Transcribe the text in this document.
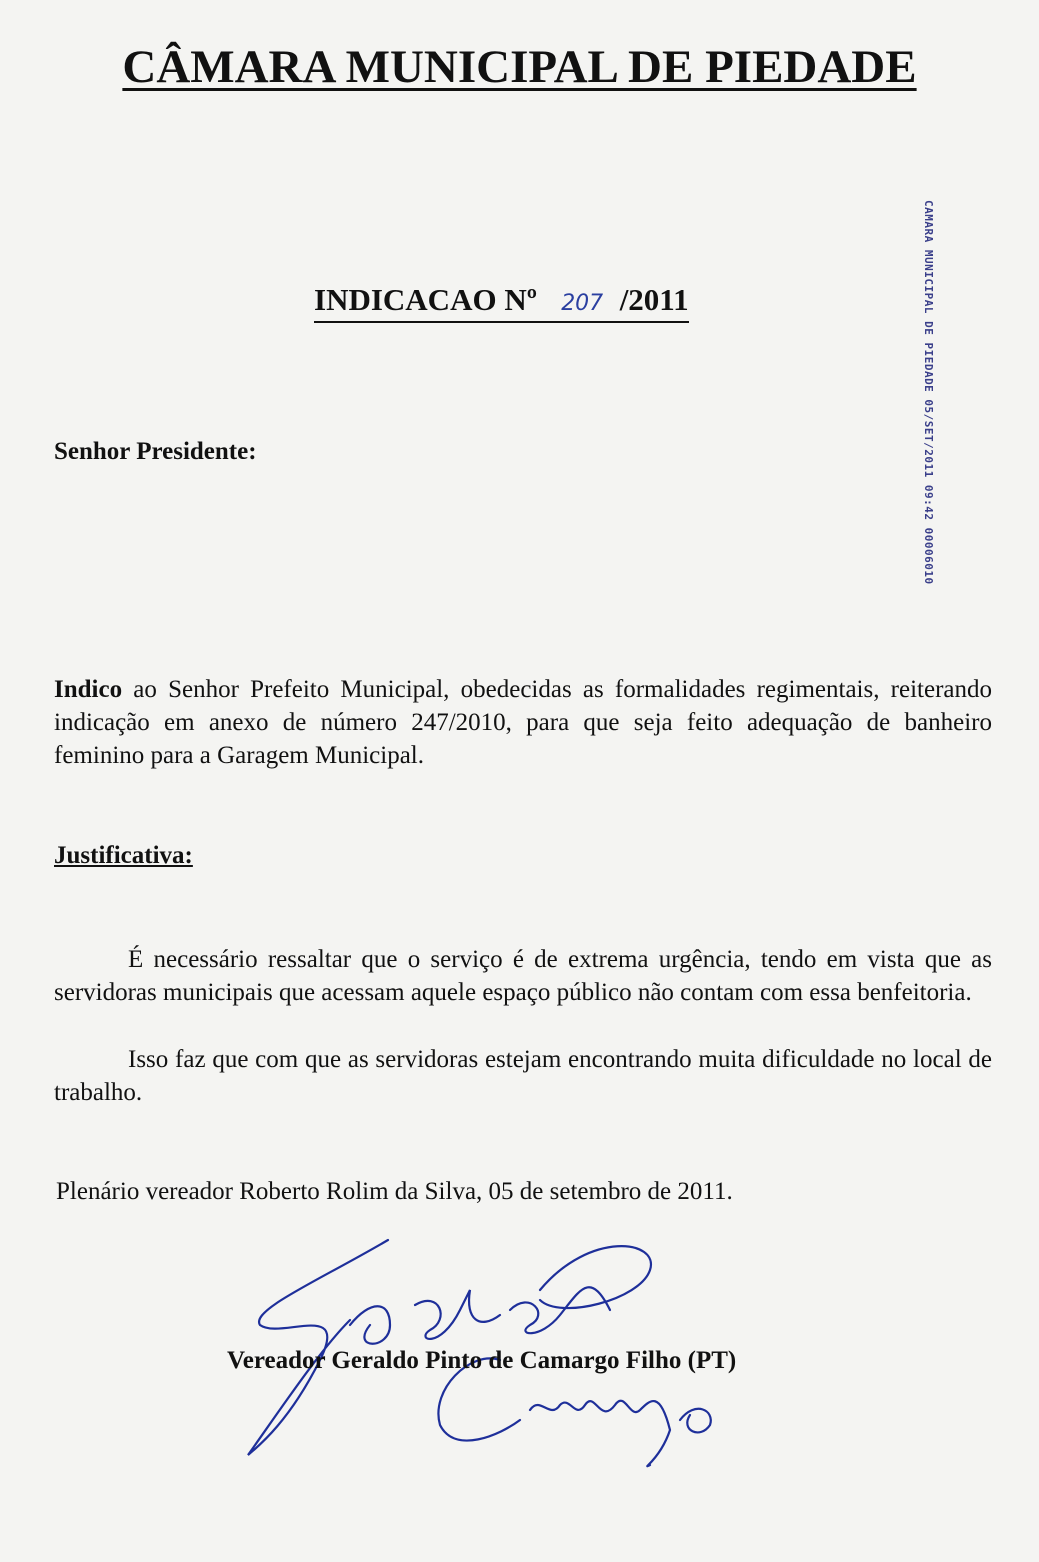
CÂMARA MUNICIPAL DE PIEDADE
INDICACAO Nº 207 /2011	CAMARA MUNICIPAL DE PIEDADE 05/SET/2011 09:42 00006010
Senhor Presidente:
Indico ao Senhor Prefeito Municipal, obedecidas as formalidades regimentais, reiterando indicação em anexo de número 247/2010, para que seja feito adequação de banheiro feminino para a Garagem Municipal.
Justificativa:
É necessário ressaltar que o serviço é de extrema urgência, tendo em vista que as servidoras municipais que acessam aquele espaço público não contam com essa benfeitoria.
Isso faz que com que as servidoras estejam encontrando muita dificuldade no local de trabalho.
Plenário vereador Roberto Rolim da Silva, 05 de setembro de 2011.
Vereador Geraldo Pinto de Camargo Filho (PT)
